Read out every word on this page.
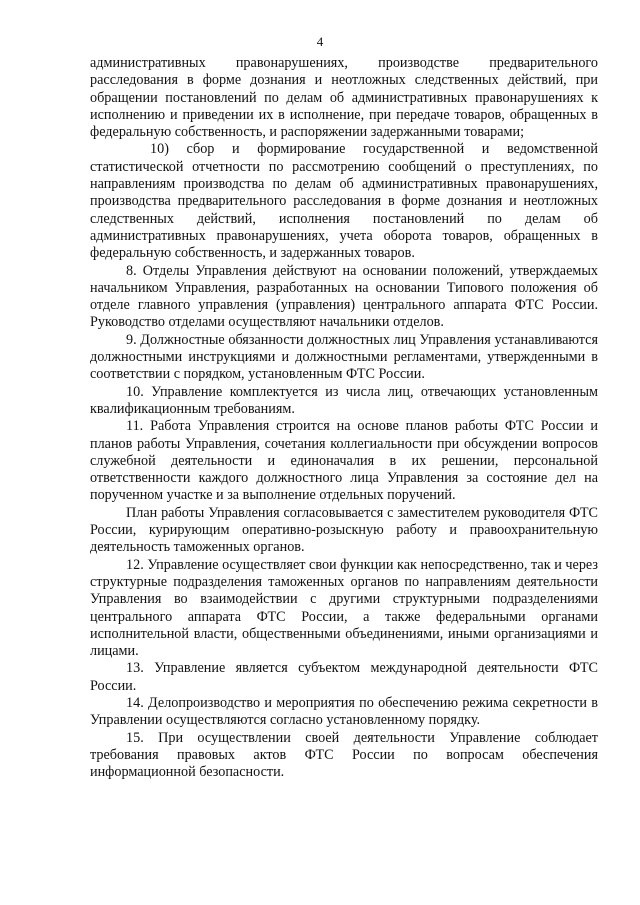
4

административных правонарушениях, производстве предварительного расследования в форме дознания и неотложных следственных действий, при обращении постановлений по делам об административных правонарушениях к исполнению и приведении их в исполнение, при передаче товаров, обращенных в федеральную собственность, и распоряжении задержанными товарами;

10) сбор и формирование государственной и ведомственной статистической отчетности по рассмотрению сообщений о преступлениях, по направлениям производства по делам об административных правонарушениях, производства предварительного расследования в форме дознания и неотложных следственных действий, исполнения постановлений по делам об административных правонарушениях, учета оборота товаров, обращенных в федеральную собственность, и задержанных товаров.

8. Отделы Управления действуют на основании положений, утверждаемых начальником Управления, разработанных на основании Типового положения об отделе главного управления (управления) центрального аппарата ФТС России. Руководство отделами осуществляют начальники отделов.

9. Должностные обязанности должностных лиц Управления устанавливаются должностными инструкциями и должностными регламентами, утвержденными в соответствии с порядком, установленным ФТС России.

10. Управление комплектуется из числа лиц, отвечающих установленным квалификационным требованиям.

11. Работа Управления строится на основе планов работы ФТС России и планов работы Управления, сочетания коллегиальности при обсуждении вопросов служебной деятельности и единоначалия в их решении, персональной ответственности каждого должностного лица Управления за состояние дел на порученном участке и за выполнение отдельных поручений.

План работы Управления согласовывается с заместителем руководителя ФТС России, курирующим оперативно-розыскную работу и правоохранительную деятельность таможенных органов.

12. Управление осуществляет свои функции как непосредственно, так и через структурные подразделения таможенных органов по направлениям деятельности Управления во взаимодействии с другими структурными подразделениями центрального аппарата ФТС России, а также федеральными органами исполнительной власти, общественными объединениями, иными организациями и лицами.

13. Управление является субъектом международной деятельности ФТС России.

14. Делопроизводство и мероприятия по обеспечению режима секретности в Управлении осуществляются согласно установленному порядку.

15. При осуществлении своей деятельности Управление соблюдает требования правовых актов ФТС России по вопросам обеспечения информационной безопасности.
